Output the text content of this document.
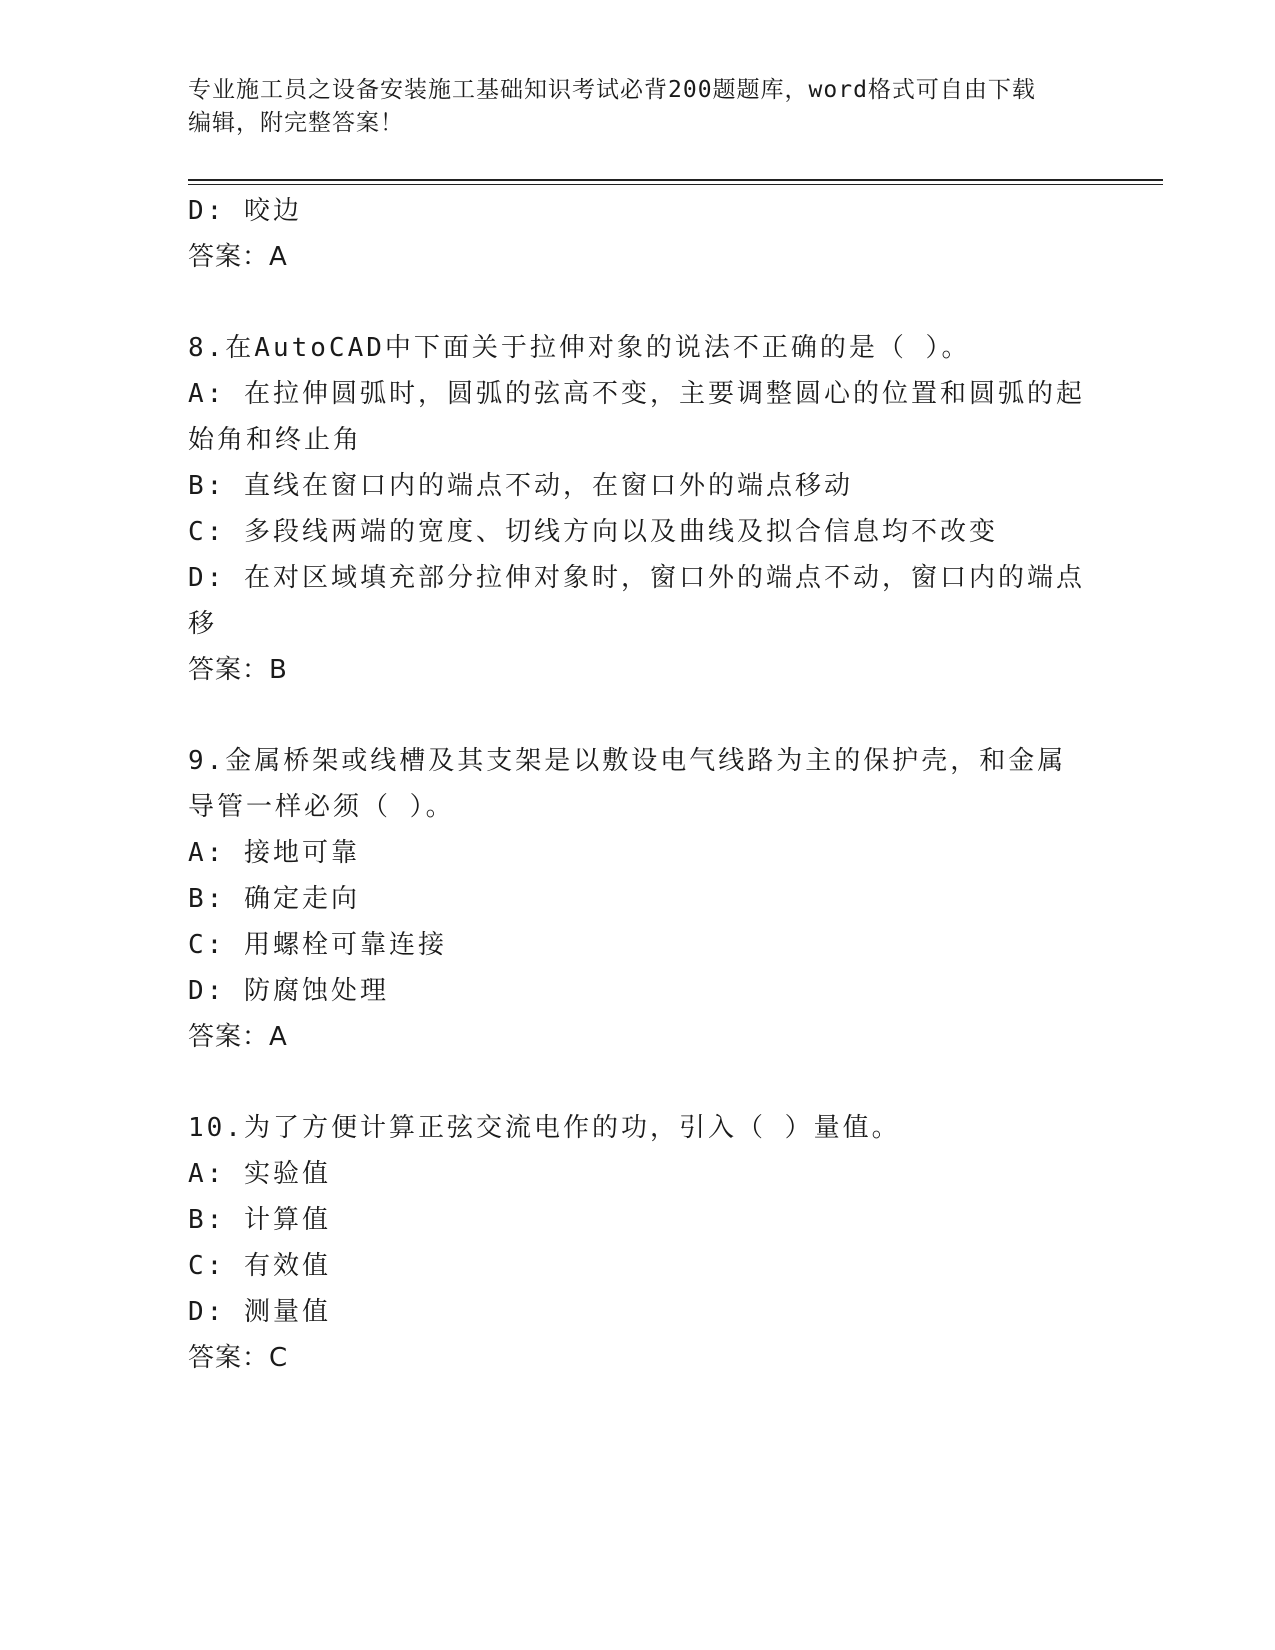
专业施工员之设备安装施工基础知识考试必背200题题库，word格式可自由下载
编辑，附完整答案！
D: 咬边
答案：A
8.在AutoCAD中下面关于拉伸对象的说法不正确的是（ ）。
A: 在拉伸圆弧时，圆弧的弦高不变，主要调整圆心的位置和圆弧的起
始角和终止角
B: 直线在窗口内的端点不动，在窗口外的端点移动
C: 多段线两端的宽度、切线方向以及曲线及拟合信息均不改变
D: 在对区域填充部分拉伸对象时，窗口外的端点不动，窗口内的端点
移
答案：B
9.金属桥架或线槽及其支架是以敷设电气线路为主的保护壳，和金属
导管一样必须（ ）。
A: 接地可靠
B: 确定走向
C: 用螺栓可靠连接
D: 防腐蚀处理
答案：A
10.为了方便计算正弦交流电作的功，引入（ ）量值。
A: 实验值
B: 计算值
C: 有效值
D: 测量值
答案：C
